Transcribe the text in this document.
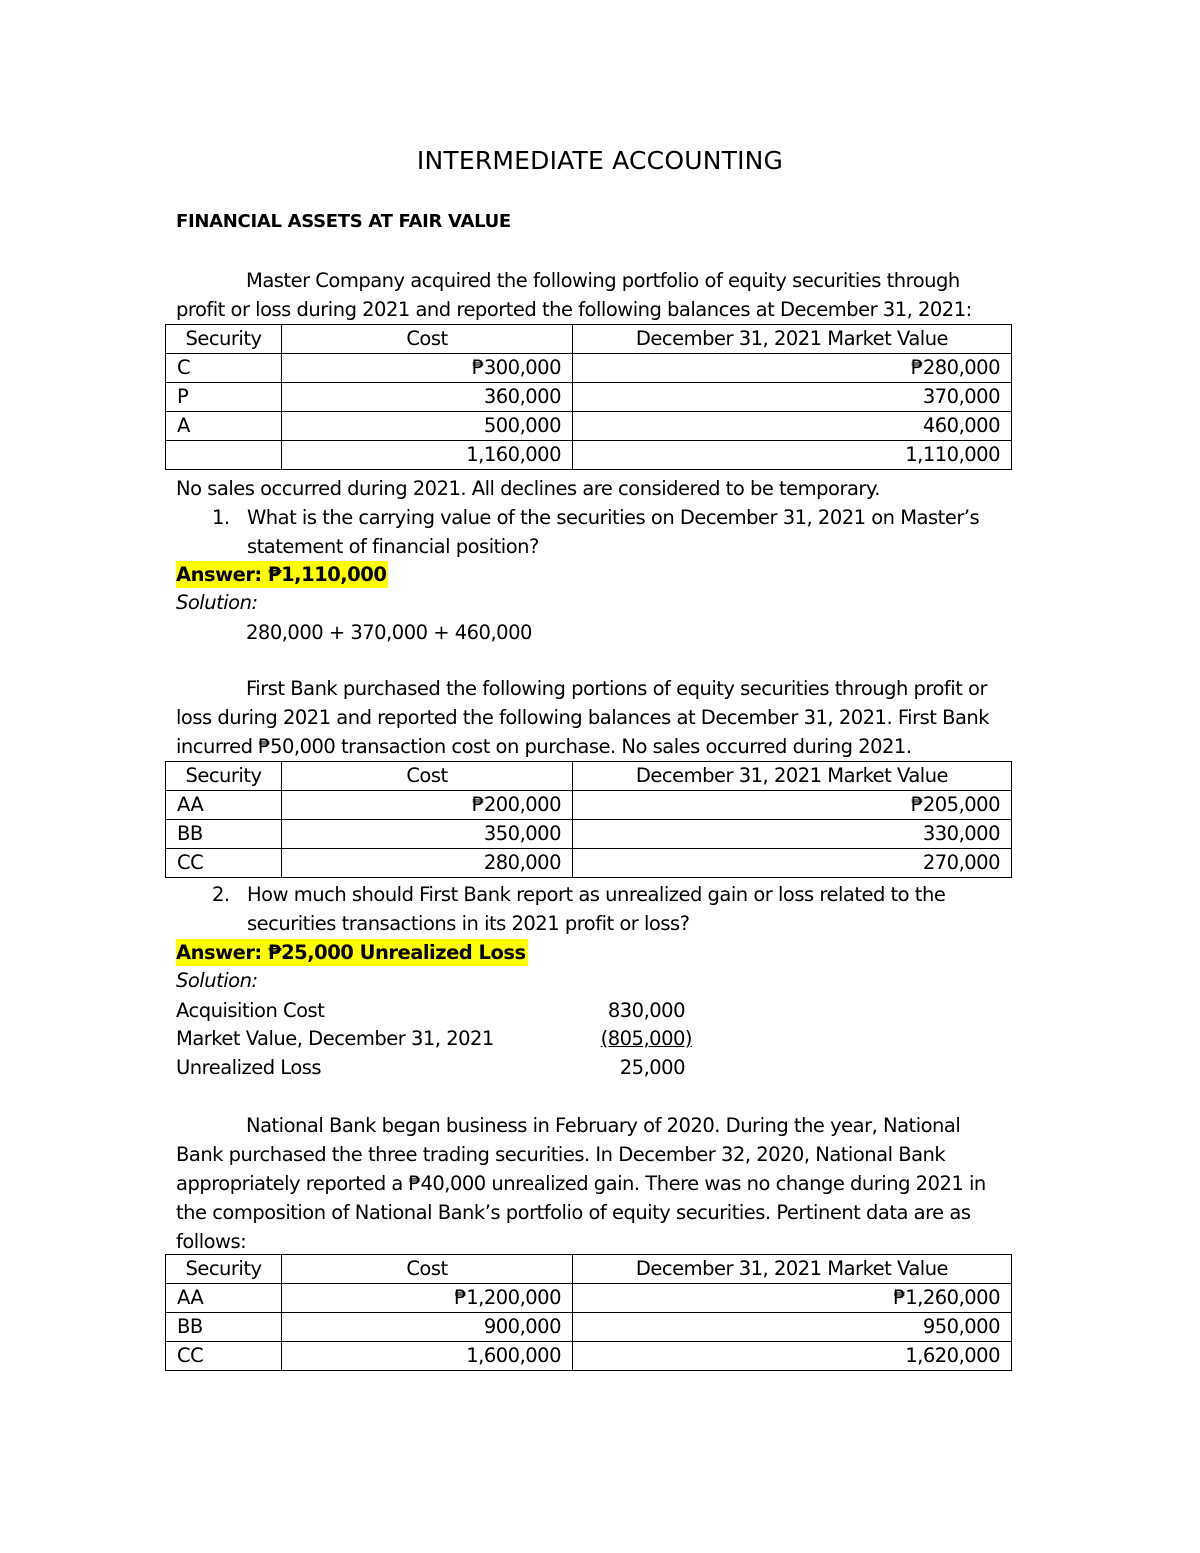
INTERMEDIATE ACCOUNTING
FINANCIAL ASSETS AT FAIR VALUE
Master Company acquired the following portfolio of equity securities through
profit or loss during 2021 and reported the following balances at December 31, 2021:
Security	Cost	December 31, 2021 Market Value
C	₱300,000	₱280,000
P	360,000	370,000
A	500,000	460,000
	1,160,000	1,110,000
No sales occurred during 2021. All declines are considered to be temporary.
1. What is the carrying value of the securities on December 31, 2021 on Master’s
statement of financial position?
Answer: ₱1,110,000
Solution:
280,000 + 370,000 + 460,000
First Bank purchased the following portions of equity securities through profit or
loss during 2021 and reported the following balances at December 31, 2021. First Bank
incurred ₱50,000 transaction cost on purchase. No sales occurred during 2021.
Security	Cost	December 31, 2021 Market Value
AA	₱200,000	₱205,000
BB	350,000	330,000
CC	280,000	270,000
2. How much should First Bank report as unrealized gain or loss related to the
securities transactions in its 2021 profit or loss?
Answer: ₱25,000 Unrealized Loss
Solution:
Acquisition Cost	830,000
Market Value, December 31, 2021	(805,000)
Unrealized Loss	25,000
National Bank began business in February of 2020. During the year, National
Bank purchased the three trading securities. In December 32, 2020, National Bank
appropriately reported a ₱40,000 unrealized gain. There was no change during 2021 in
the composition of National Bank’s portfolio of equity securities. Pertinent data are as
follows:
Security	Cost	December 31, 2021 Market Value
AA	₱1,200,000	₱1,260,000
BB	900,000	950,000
CC	1,600,000	1,620,000
